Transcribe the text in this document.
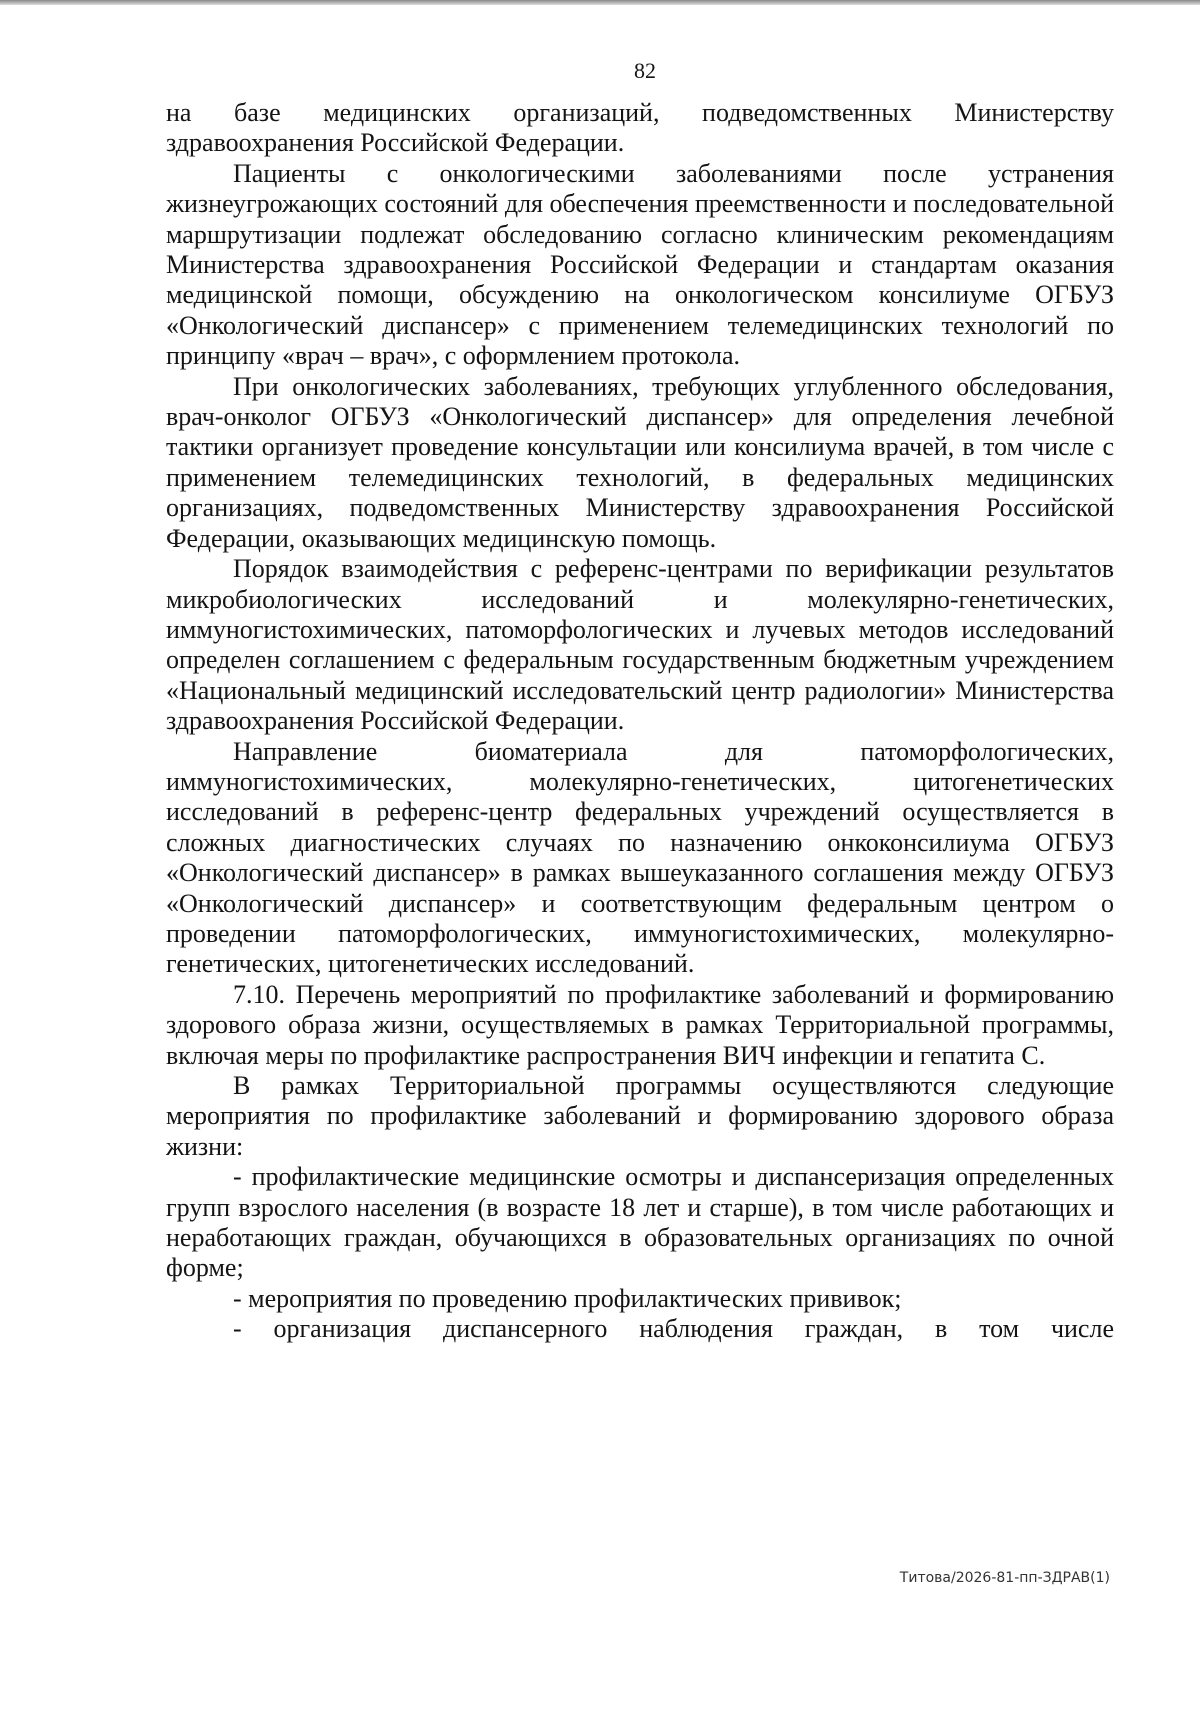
82

на базе медицинских организаций, подведомственных Министерству здравоохранения Российской Федерации.

Пациенты с онкологическими заболеваниями после устранения жизнеугрожающих состояний для обеспечения преемственности и последовательной маршрутизации подлежат обследованию согласно клиническим рекомендациям Министерства здравоохранения Российской Федерации и стандартам оказания медицинской помощи, обсуждению на онкологическом консилиуме ОГБУЗ «Онкологический диспансер» с применением телемедицинских технологий по принципу «врач – врач», с оформлением протокола.

При онкологических заболеваниях, требующих углубленного обследования, врач-онколог ОГБУЗ «Онкологический диспансер» для определения лечебной тактики организует проведение консультации или консилиума врачей, в том числе с применением телемедицинских технологий, в федеральных медицинских организациях, подведомственных Министерству здравоохранения Российской Федерации, оказывающих медицинскую помощь.

Порядок взаимодействия с референс-центрами по верификации результатов микробиологических исследований и молекулярно-генетических, иммуногистохимических, патоморфологических и лучевых методов исследований определен соглашением с федеральным государственным бюджетным учреждением «Национальный медицинский исследовательский центр радиологии» Министерства здравоохранения Российской Федерации.

Направление биоматериала для патоморфологических, иммуногистохимических, молекулярно-генетических, цитогенетических исследований в референс-центр федеральных учреждений осуществляется в сложных диагностических случаях по назначению онкоконсилиума ОГБУЗ «Онкологический диспансер» в рамках вышеуказанного соглашения между ОГБУЗ «Онкологический диспансер» и соответствующим федеральным центром о проведении патоморфологических, иммуногистохимических, молекулярно-генетических, цитогенетических исследований.

7.10. Перечень мероприятий по профилактике заболеваний и формированию здорового образа жизни, осуществляемых в рамках Территориальной программы, включая меры по профилактике распространения ВИЧ инфекции и гепатита С.

В рамках Территориальной программы осуществляются следующие мероприятия по профилактике заболеваний и формированию здорового образа жизни:

- профилактические медицинские осмотры и диспансеризация определенных групп взрослого населения (в возрасте 18 лет и старше), в том числе работающих и неработающих граждан, обучающихся в образовательных организациях по очной форме;

- мероприятия по проведению профилактических прививок;

- организация диспансерного наблюдения граждан, в том числе

Титова/2026-81-пп-ЗДРАВ(1)
